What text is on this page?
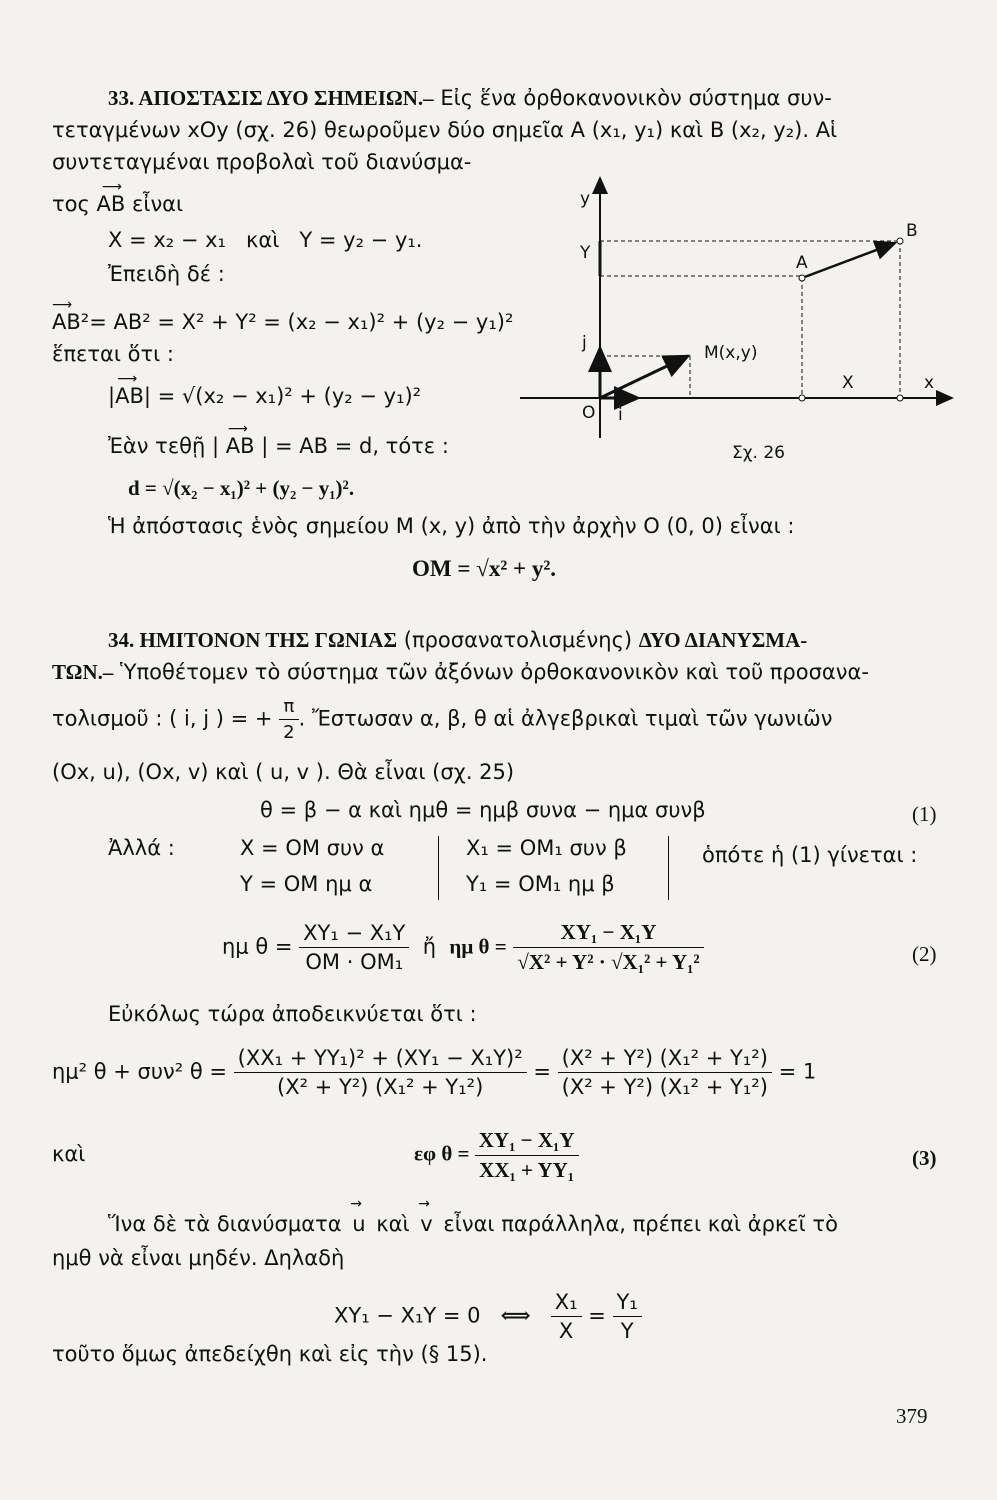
33. ΑΠΟΣΤΑΣΙΣ ΔΥΟ ΣΗΜΕΙΩΝ.– Εἰς ἕνα ὀρθοκανονικὸν σύστημα συν-
τεταγμένων xOy (σχ. 26) θεωροῦμεν δύο σημεῖα A (x₁, y₁) καὶ B (x₂, y₂). Αἱ
συντεταγμέναι προβολαὶ τοῦ διανύσμα-
τος
⟶
AB εἶναι
X = x₂ − x₁ καὶ Y = y₂ − y₁.
Ἐπειδὴ δέ :
⟶
AB²= AB² = X² + Y² = (x₂ − x₁)² + (y₂ − y₁)²
ἕπεται ὅτι :
|
⟶
AB| = √(x₂ − x₁)² + (y₂ − y₁)²
Ἐὰν τεθῇ |
⟶
AB | = AB = d, τότε :
d = √(x₂ − x₁)² + (y₂ − y₁)².
Ἡ ἀπόστασις ἑνὸς σημείου M (x, y) ἀπὸ τὴν ἀρχὴν O (0, 0) εἶναι :
OM = √x² + y².
y
Y
B
A
j	M(x,y)
X	x
O i
Σχ. 26
34. ΗΜΙΤΟΝΟΝ ΤΗΣ ΓΩΝΙΑΣ (προσανατολισμένης) ΔΥΟ ΔΙΑΝΥΣΜΑ-
ΤΩΝ.– Ὑποθέτομεν τὸ σύστημα τῶν ἀξόνων ὀρθοκανονικὸν καὶ τοῦ προσανα-
τολισμοῦ : ( i, j ) = + $\frac{\pi}{2}$ . Ἔστωσαν α, β, θ αἱ ἀλγεβρικαὶ τιμαὶ τῶν γωνιῶν
(Ox, u), (Ox, v) καὶ ( u, v ). Θὰ εἶναι (σχ. 25)
θ = β − α καὶ ημθ = ημβ συνα − ημα συνβ	(1)
Ἀλλά :	X = OM συν α
Y = OM ημ α
X₁ = OM₁ συν β
Y₁ = OM₁ ημ β
ὁπότε ἡ (1) γίνεται :
ημ $\theta = \frac{\text{XY₁ − X₁Y}}{\text{OM · OM₁}}$ ἤ ημ $\theta = \frac{\text{XY₁ − X₁Y}}{\text{√X² + Y² · √X₁² + Y₁²}}$	(2)
Εὐκόλως τώρα ἀποδεικνύεται ὅτι :
ημ² θ + συν² $\theta = \frac{\text{(XX₁ + YY₁)² + (XY₁ − X₁Y)²}}{\text{(X² + Y²) (X₁² + Y₁²)}} = \frac{\text{(X² + Y²) (X₁² + Y₁²)}}{\text{(X² + Y²) (X₁² + Y₁²)}} = 1$
καὶ	εφ $\theta = \frac{\text{XY₁ − X₁Y}}{\text{XX₁ + YY₁}}$	(3)
Ἵνα δὲ τὰ διανύσματα
→
u καὶ
→
v εἶναι παράλληλα, πρέπει καὶ ἀρκεῖ τὸ
ημθ νὰ εἶναι μηδέν. Δηλαδὴ
XY₁ − X₁Y = 0 ⟺ $\frac{\text{X₁}}{X} = \frac{\text{Y₁}}{Y}$
τοῦτο ὅμως ἀπεδείχθη καὶ εἰς τὴν (§ 15).
379
